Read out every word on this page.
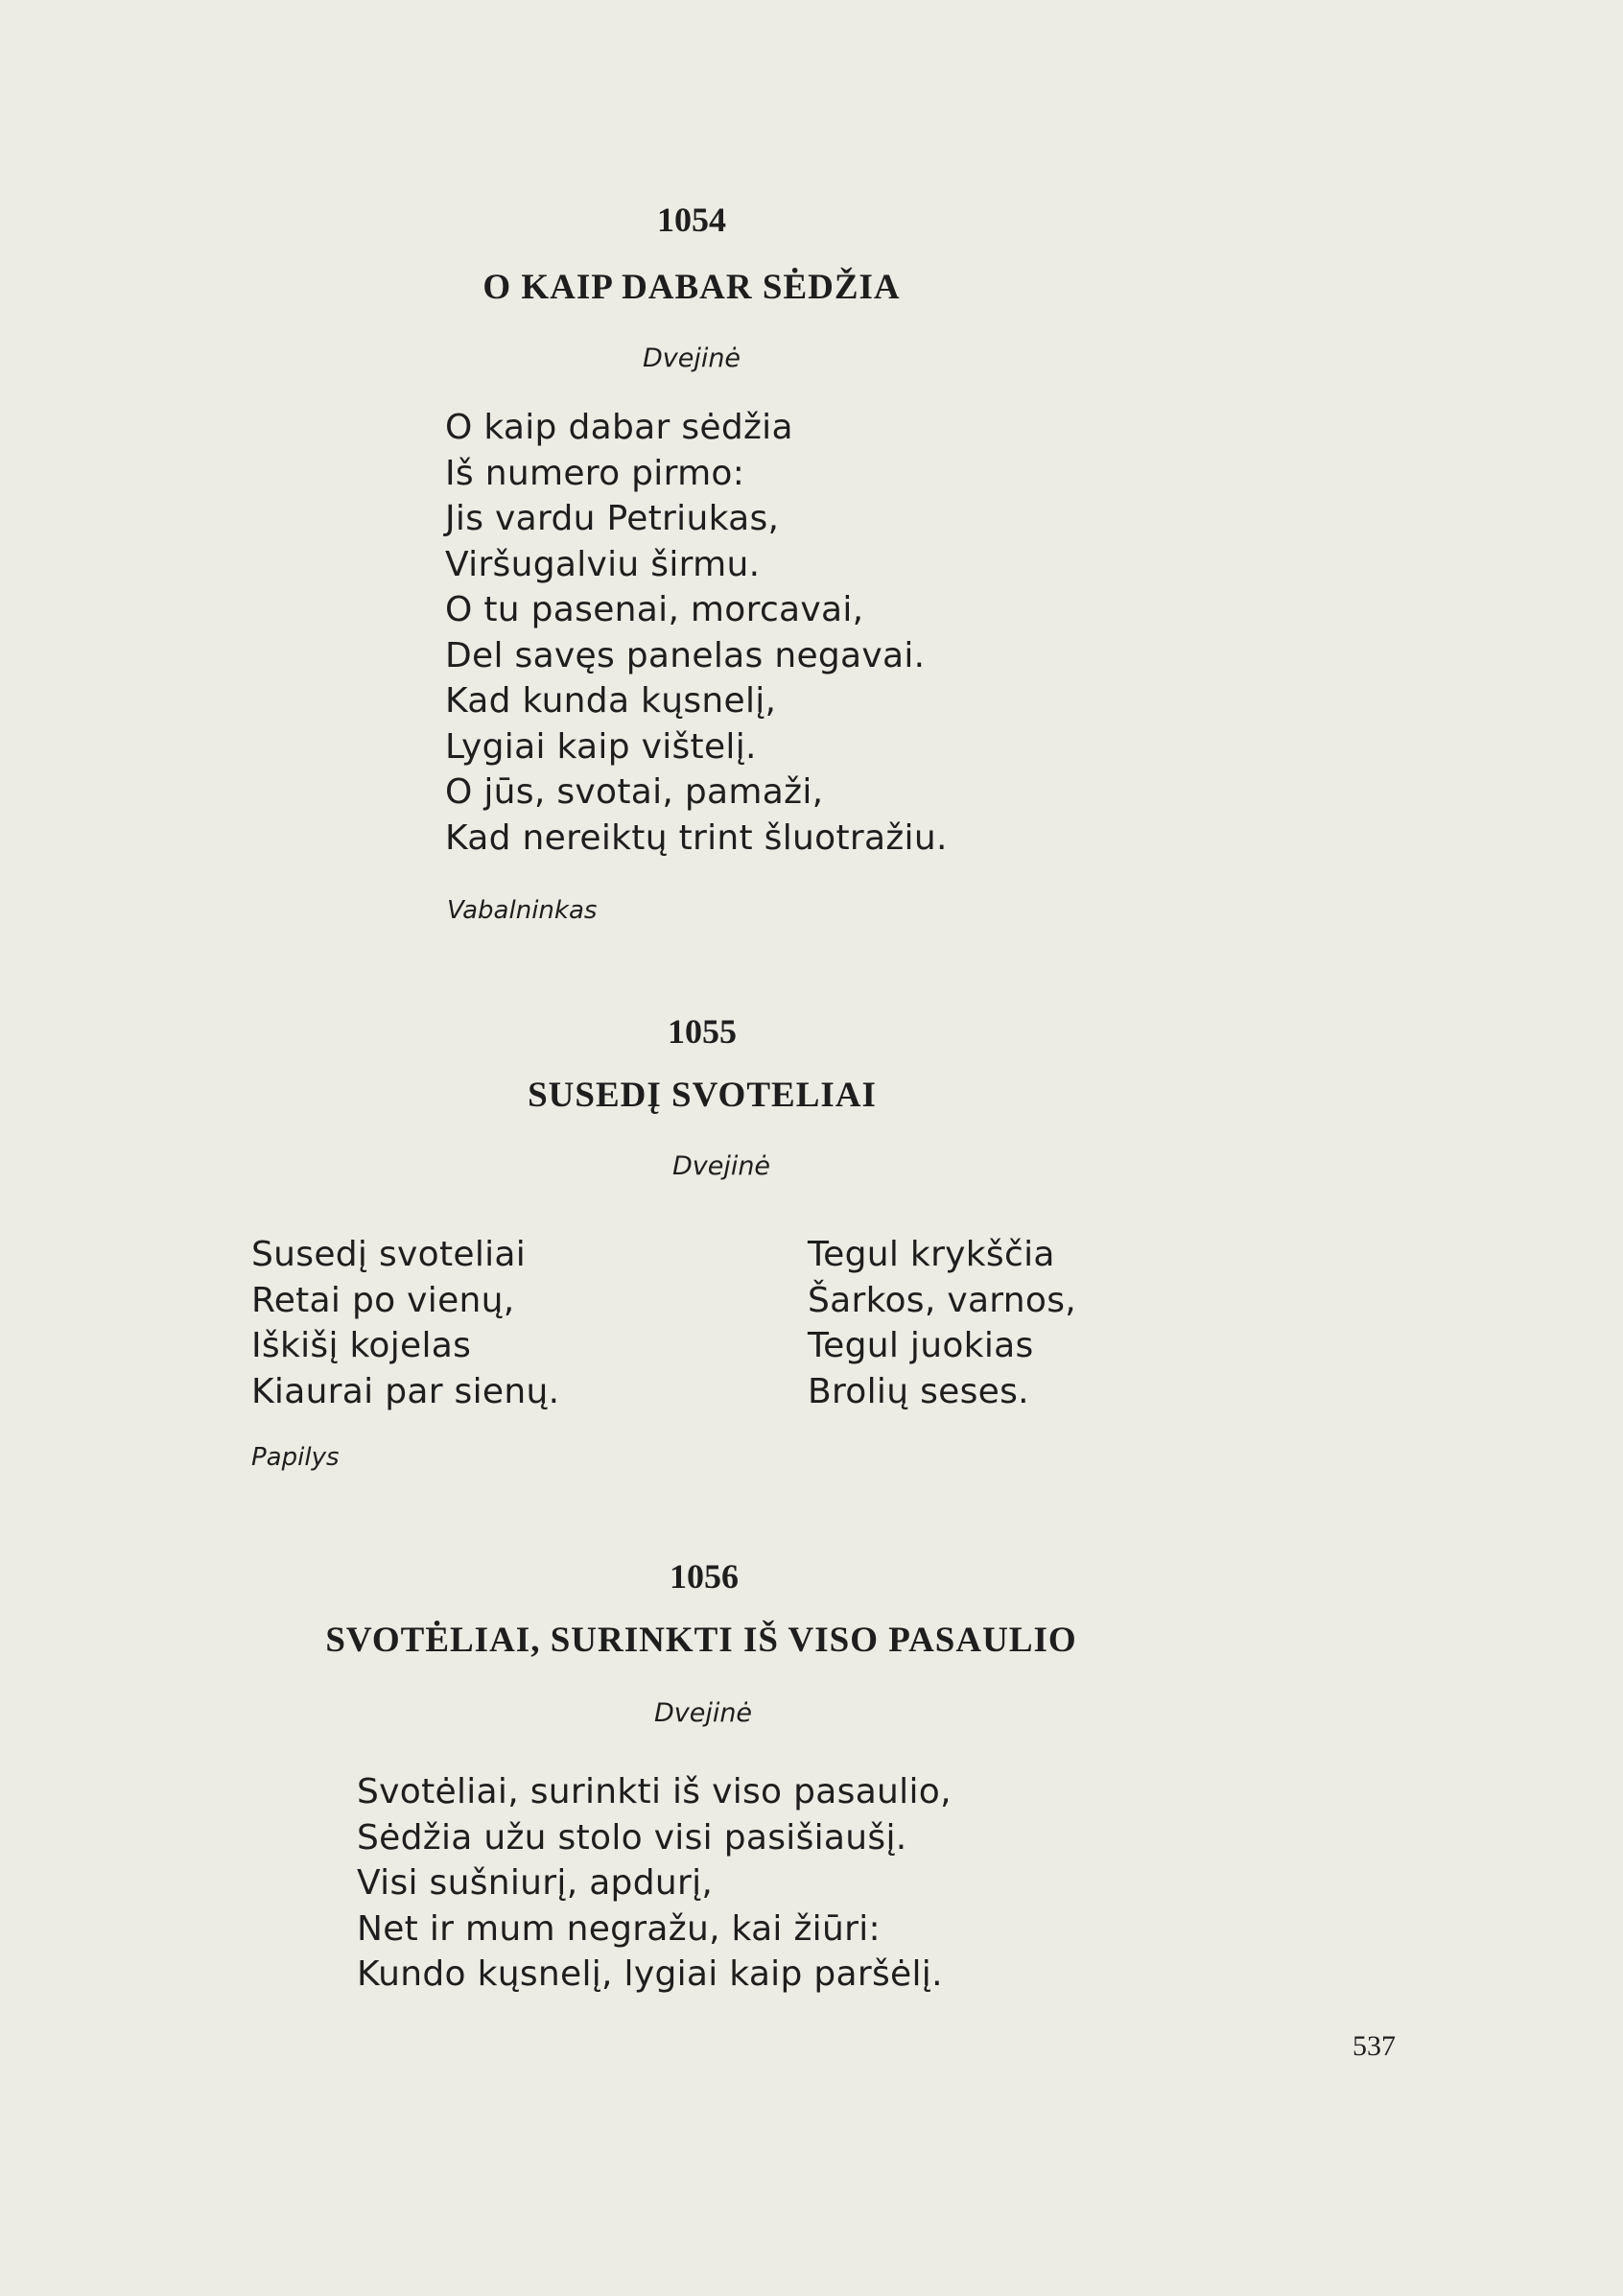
1054
O KAIP DABAR SĖDŽIA
Dvejinė
O kaip dabar sėdžia
Iš numero pirmo:
Jis vardu Petriukas,
Viršugalviu širmu.
O tu pasenai, morcavai,
Del savęs panelas negavai.
Kad kunda kųsnelį,
Lygiai kaip vištelį.
O jūs, svotai, pamaži,
Kad nereiktų trint šluotražiu.
Vabalninkas
1055
SUSEDĮ SVOTELIAI
Dvejinė
Susedį svoteliai
Retai po vienų,
Iškišį kojelas
Kiaurai par sienų.
Tegul krykščia
Šarkos, varnos,
Tegul juokias
Brolių seses.
Papilys
1056
SVOTĖLIAI, SURINKTI IŠ VISO PASAULIO
Dvejinė
Svotėliai, surinkti iš viso pasaulio,
Sėdžia užu stolo visi pasišiaušį.
Visi sušniurį, apdurį,
Net ir mum negražu, kai žiūri:
Kundo kųsnelį, lygiai kaip paršėlį.
537
